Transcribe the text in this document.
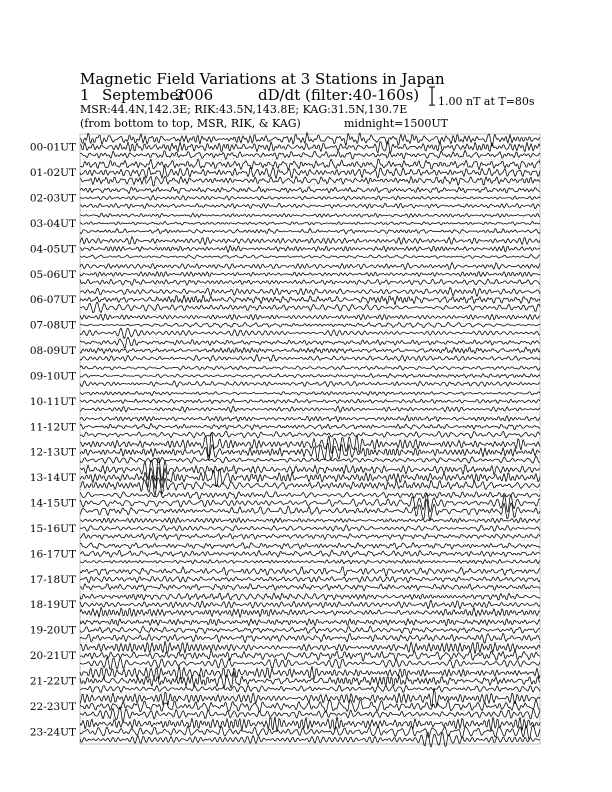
Magnetic Field Variations at 3 Stations in Japan
1 September
2006	dD/dt (filter:40-160s)
MSR:44.4N,142.3E; RIK:43.5N,143.8E; KAG:31.5N,130.7E
(from bottom to top, MSR, RIK, & KAG)	midnight=1500UT
1.00 nT at T=80s
00-01UT
01-02UT
02-03UT
03-04UT
04-05UT
05-06UT
06-07UT
07-08UT
08-09UT
09-10UT
10-11UT
11-12UT
12-13UT
13-14UT
14-15UT
15-16UT
16-17UT
17-18UT
18-19UT
19-20UT
20-21UT
21-22UT
22-23UT
23-24UT
